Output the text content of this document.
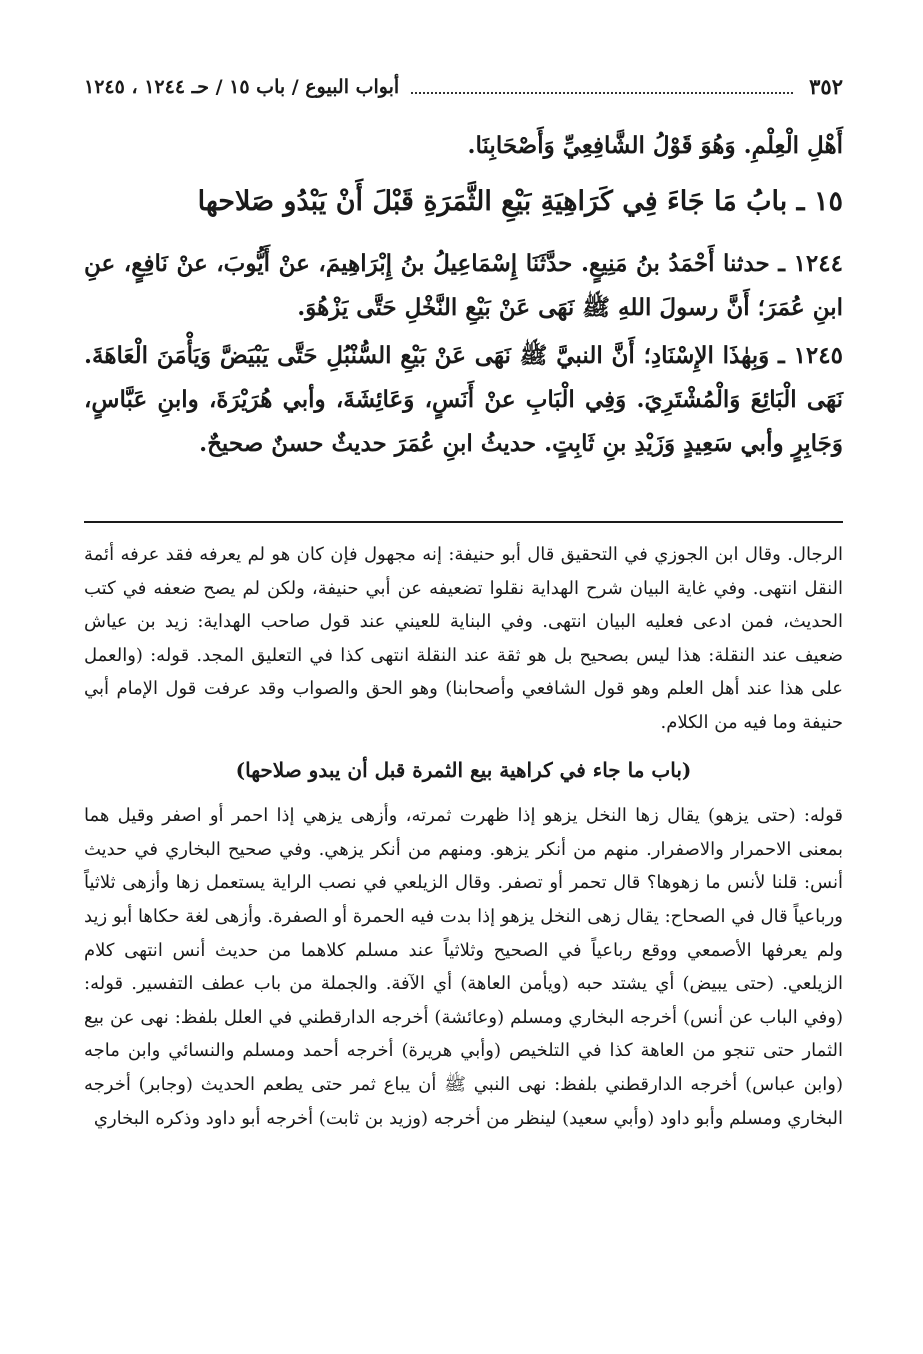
٣٥٢
أبواب البيوع / باب ١٥ / حـ ١٢٤٤ ، ١٢٤٥

أَهْلِ الْعِلْمِ. وَهُوَ قَوْلُ الشَّافِعِيِّ وَأَصْحَابِنَا.

١٥ ـ بابُ مَا جَاءَ فِي كَرَاهِيَةِ بَيْعِ الثَّمَرَةِ قَبْلَ أَنْ يَبْدُو صَلاحها

١٢٤٤ ـ حدثنا أَحْمَدُ بنُ مَنِيعٍ. حدَّثَنَا إِسْمَاعِيلُ بنُ إِبْرَاهِيمَ، عنْ أَيُّوبَ، عنْ نَافِعٍ، عنِ ابنِ عُمَرَ؛ أَنَّ رسولَ اللهِ ﷺ نَهَى عَنْ بَيْعِ النَّخْلِ حَتَّى يَزْهُوَ.

١٢٤٥ ـ وَبِهٰذَا الإِسْنَادِ؛ أَنَّ النبيَّ ﷺ نَهَى عَنْ بَيْعِ السُّنْبُلِ حَتَّى يَبْيَضَّ وَيَأْمَنَ الْعَاهَةَ. نَهَى الْبَائِعَ وَالْمُشْتَرِيَ. وَفِي الْبَابِ عنْ أَنَسٍ، وَعَائِشَةَ، وأبي هُرَيْرَةَ، وابنِ عَبَّاسٍ، وَجَابِرٍ وأبي سَعِيدٍ وَزَيْدِ بنِ ثَابِتٍ. حديثُ ابنِ عُمَرَ حديثٌ حسنٌ صحيحٌ.

الرجال. وقال ابن الجوزي في التحقيق قال أبو حنيفة: إنه مجهول فإن كان هو لم يعرفه فقد عرفه أئمة النقل انتهى. وفي غاية البيان شرح الهداية نقلوا تضعيفه عن أبي حنيفة، ولكن لم يصح ضعفه في كتب الحديث، فمن ادعى فعليه البيان انتهى. وفي البناية للعيني عند قول صاحب الهداية: زيد بن عياش ضعيف عند النقلة: هذا ليس بصحيح بل هو ثقة عند النقلة انتهى كذا في التعليق المجد. قوله: (والعمل على هذا عند أهل العلم وهو قول الشافعي وأصحابنا) وهو الحق والصواب وقد عرفت قول الإمام أبي حنيفة وما فيه من الكلام.

(باب ما جاء في كراهية بيع الثمرة قبل أن يبدو صلاحها)

قوله: (حتى يزهو) يقال زها النخل يزهو إذا ظهرت ثمرته، وأزهى يزهي إذا احمر أو اصفر وقيل هما بمعنى الاحمرار والاصفرار. منهم من أنكر يزهو. ومنهم من أنكر يزهي. وفي صحيح البخاري في حديث أنس: قلنا لأنس ما زهوها؟ قال تحمر أو تصفر. وقال الزيلعي في نصب الراية يستعمل زها وأزهى ثلاثياً ورباعياً قال في الصحاح: يقال زهى النخل يزهو إذا بدت فيه الحمرة أو الصفرة. وأزهى لغة حكاها أبو زيد ولم يعرفها الأصمعي ووقع رباعياً في الصحيح وثلاثياً عند مسلم كلاهما من حديث أنس انتهى كلام الزيلعي. (حتى يبيض) أي يشتد حبه (ويأمن العاهة) أي الآفة. والجملة من باب عطف التفسير. قوله: (وفي الباب عن أنس) أخرجه البخاري ومسلم (وعائشة) أخرجه الدارقطني في العلل بلفظ: نهى عن بيع الثمار حتى تنجو من العاهة كذا في التلخيص (وأبي هريرة) أخرجه أحمد ومسلم والنسائي وابن ماجه (وابن عباس) أخرجه الدارقطني بلفظ: نهى النبي ﷺ أن يباع ثمر حتى يطعم الحديث (وجابر) أخرجه البخاري ومسلم وأبو داود (وأبي سعيد) لينظر من أخرجه (وزيد بن ثابت) أخرجه أبو داود وذكره البخاري
